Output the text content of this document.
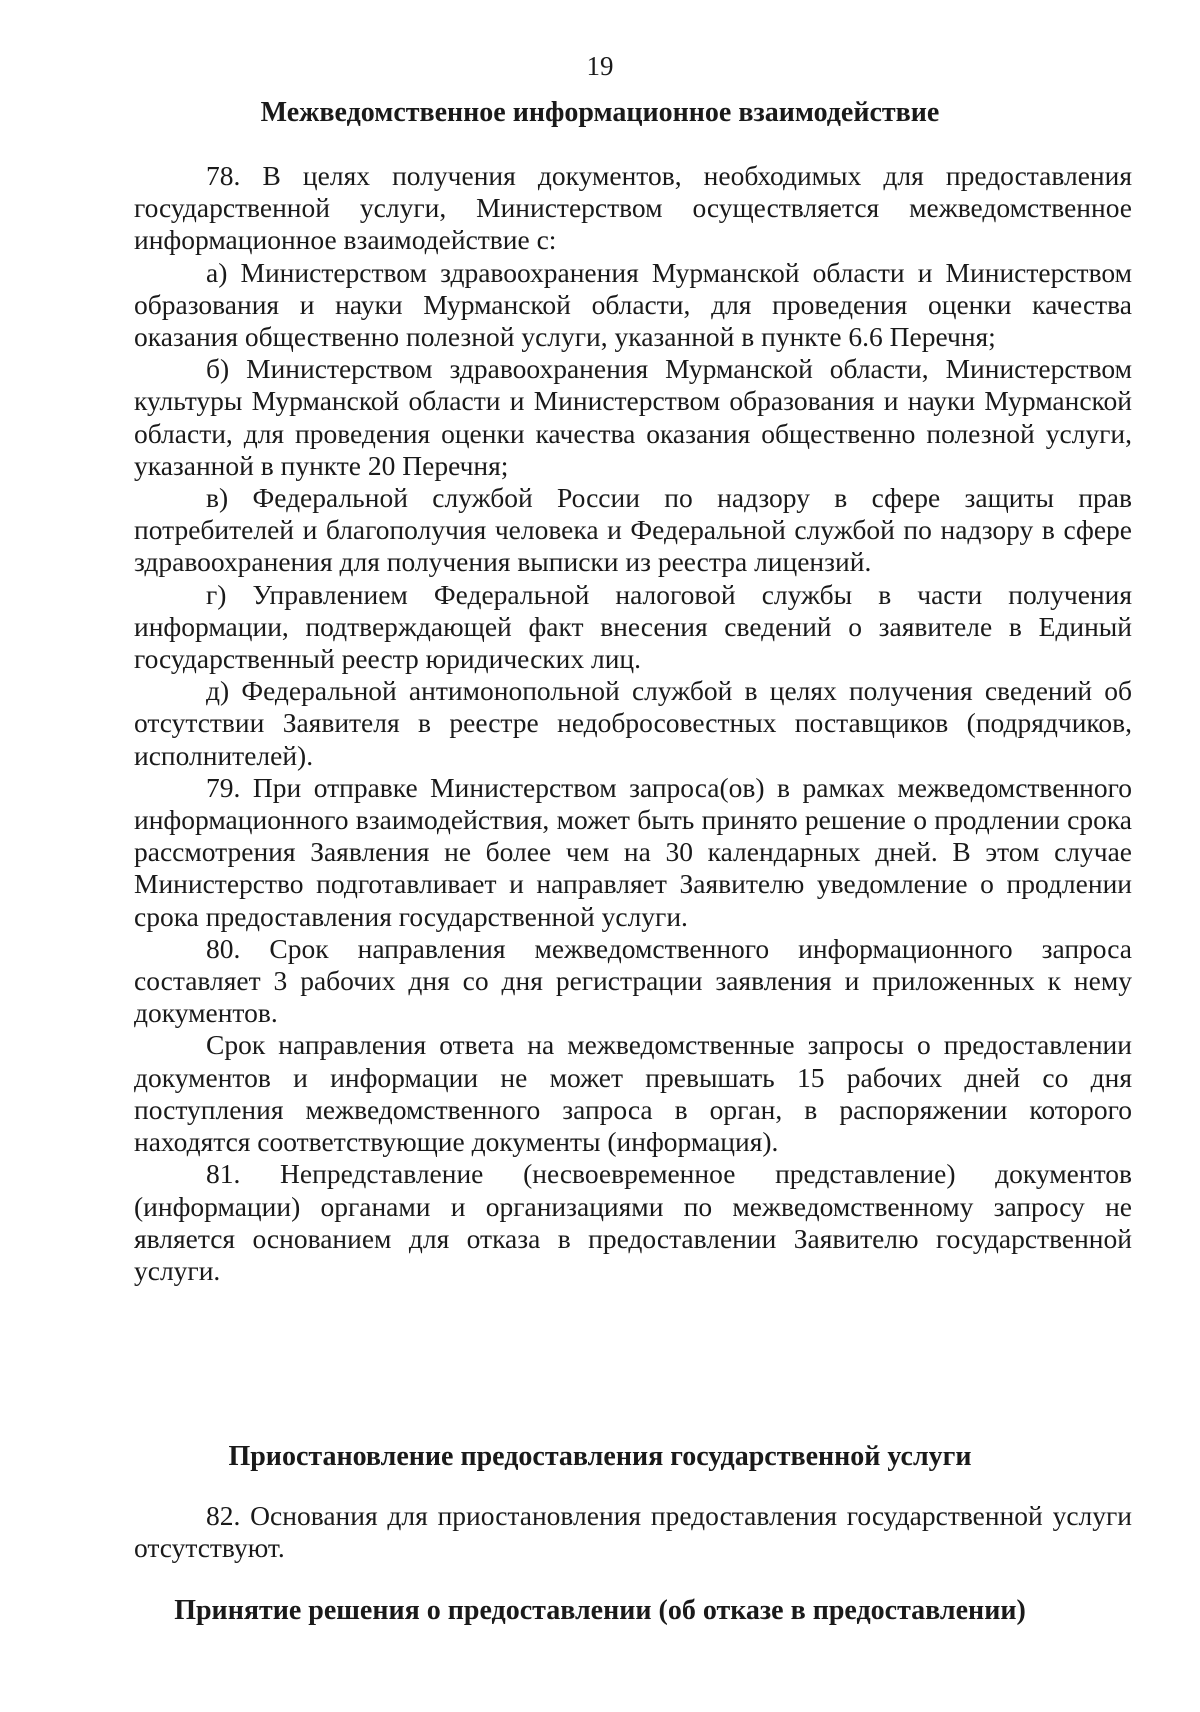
19
Межведомственное информационное взаимодействие

78. В целях получения документов, необходимых для предоставления государственной услуги, Министерством осуществляется межведомственное информационное взаимодействие с:

а) Министерством здравоохранения Мурманской области и Министерством образования и науки Мурманской области, для проведения оценки качества оказания общественно полезной услуги, указанной в пункте 6.6 Перечня;

б) Министерством здравоохранения Мурманской области, Министерством культуры Мурманской области и Министерством образования и науки Мурманской области, для проведения оценки качества оказания общественно полезной услуги, указанной в пункте 20 Перечня;

в) Федеральной службой России по надзору в сфере защиты прав потребителей и благополучия человека и Федеральной службой по надзору в сфере здравоохранения для получения выписки из реестра лицензий.

г) Управлением Федеральной налоговой службы в части получения информации, подтверждающей факт внесения сведений о заявителе в Единый государственный реестр юридических лиц.

д) Федеральной антимонопольной службой в целях получения сведений об отсутствии Заявителя в реестре недобросовестных поставщиков (подрядчиков, исполнителей).

79. При отправке Министерством запроса(ов) в рамках межведомственного информационного взаимодействия, может быть принято решение о продлении срока рассмотрения Заявления не более чем на 30 календарных дней. В этом случае Министерство подготавливает и направляет Заявителю уведомление о продлении срока предоставления государственной услуги.

80. Срок направления межведомственного информационного запроса составляет 3 рабочих дня со дня регистрации заявления и приложенных к нему документов.

Срок направления ответа на межведомственные запросы о предоставлении документов и информации не может превышать 15 рабочих дней со дня поступления межведомственного запроса в орган, в распоряжении которого находятся соответствующие документы (информация).

81. Непредставление (несвоевременное представление) документов (информации) органами и организациями по межведомственному запросу не является основанием для отказа в предоставлении Заявителю государственной услуги.

Приостановление предоставления государственной услуги

82. Основания для приостановления предоставления государственной услуги отсутствуют.

Принятие решения о предоставлении (об отказе в предоставлении)
